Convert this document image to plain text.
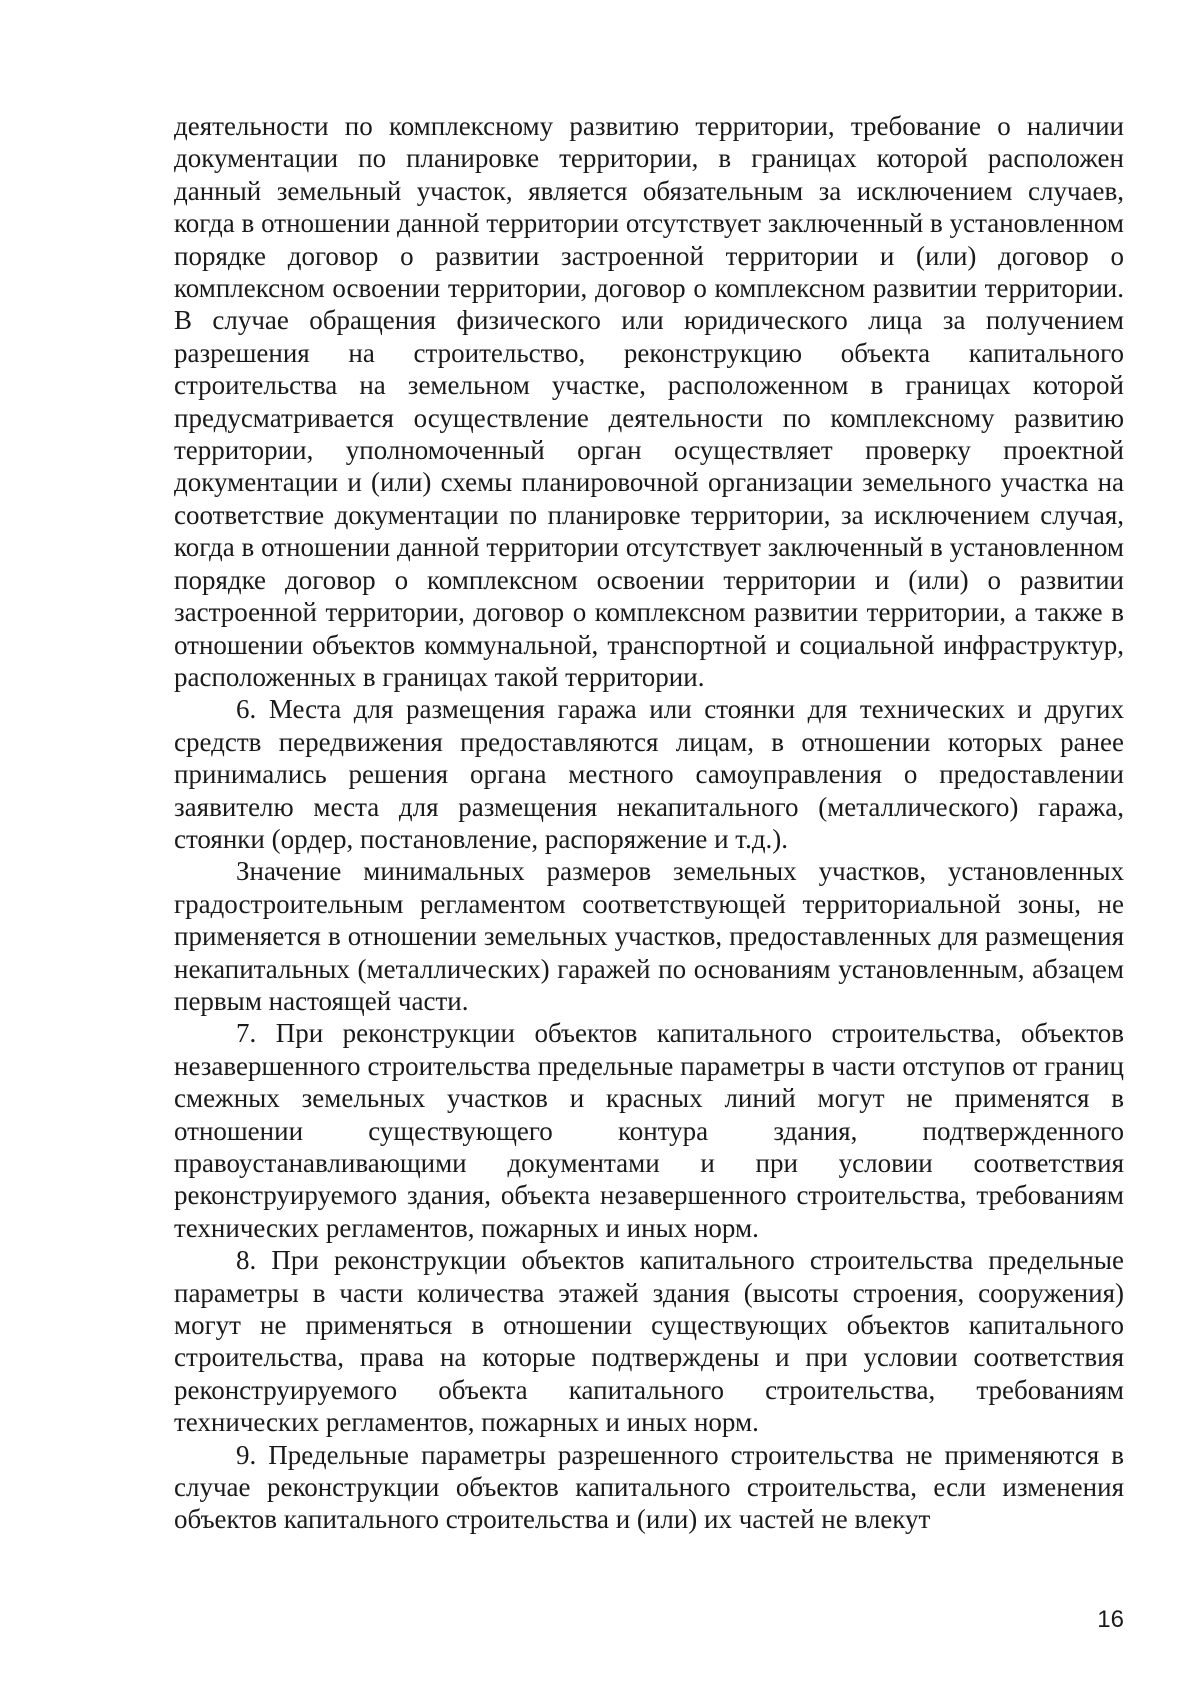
деятельности по комплексному развитию территории, требование о наличии документации по планировке территории, в границах которой расположен данный земельный участок, является обязательным за исключением случаев, когда в отношении данной территории отсутствует заключенный в установленном порядке договор о развитии застроенной территории и (или) договор о комплексном освоении территории, договор о комплексном развитии территории. В случае обращения физического или юридического лица за получением разрешения на строительство, реконструкцию объекта капитального строительства на земельном участке, расположенном в границах которой предусматривается осуществление деятельности по комплексному развитию территории, уполномоченный орган осуществляет проверку проектной документации и (или) схемы планировочной организации земельного участка на соответствие документации по планировке территории, за исключением случая, когда в отношении данной территории отсутствует заключенный в установленном порядке договор о комплексном освоении территории и (или) о развитии застроенной территории, договор о комплексном развитии территории, а также в отношении объектов коммунальной, транспортной и социальной инфраструктур, расположенных в границах такой территории.

6. Места для размещения гаража или стоянки для технических и других средств передвижения предоставляются лицам, в отношении которых ранее принимались решения органа местного самоуправления о предоставлении заявителю места для размещения некапитального (металлического) гаража, стоянки (ордер, постановление, распоряжение и т.д.).

Значение минимальных размеров земельных участков, установленных градостроительным регламентом соответствующей территориальной зоны, не применяется в отношении земельных участков, предоставленных для размещения некапитальных (металлических) гаражей по основаниям установленным, абзацем первым настоящей части.

7. При реконструкции объектов капитального строительства, объектов незавершенного строительства предельные параметры в части отступов от границ смежных земельных участков и красных линий могут не применятся в отношении существующего контура здания, подтвержденного правоустанавливающими документами и при условии соответствия реконструируемого здания, объекта незавершенного строительства, требованиям технических регламентов, пожарных и иных норм.

8. При реконструкции объектов капитального строительства предельные параметры в части количества этажей здания (высоты строения, сооружения) могут не применяться в отношении существующих объектов капитального строительства, права на которые подтверждены и при условии соответствия реконструируемого объекта капитального строительства, требованиям технических регламентов, пожарных и иных норм.

9. Предельные параметры разрешенного строительства не применяются в случае реконструкции объектов капитального строительства, если изменения объектов капитального строительства и (или) их частей не влекут

16
